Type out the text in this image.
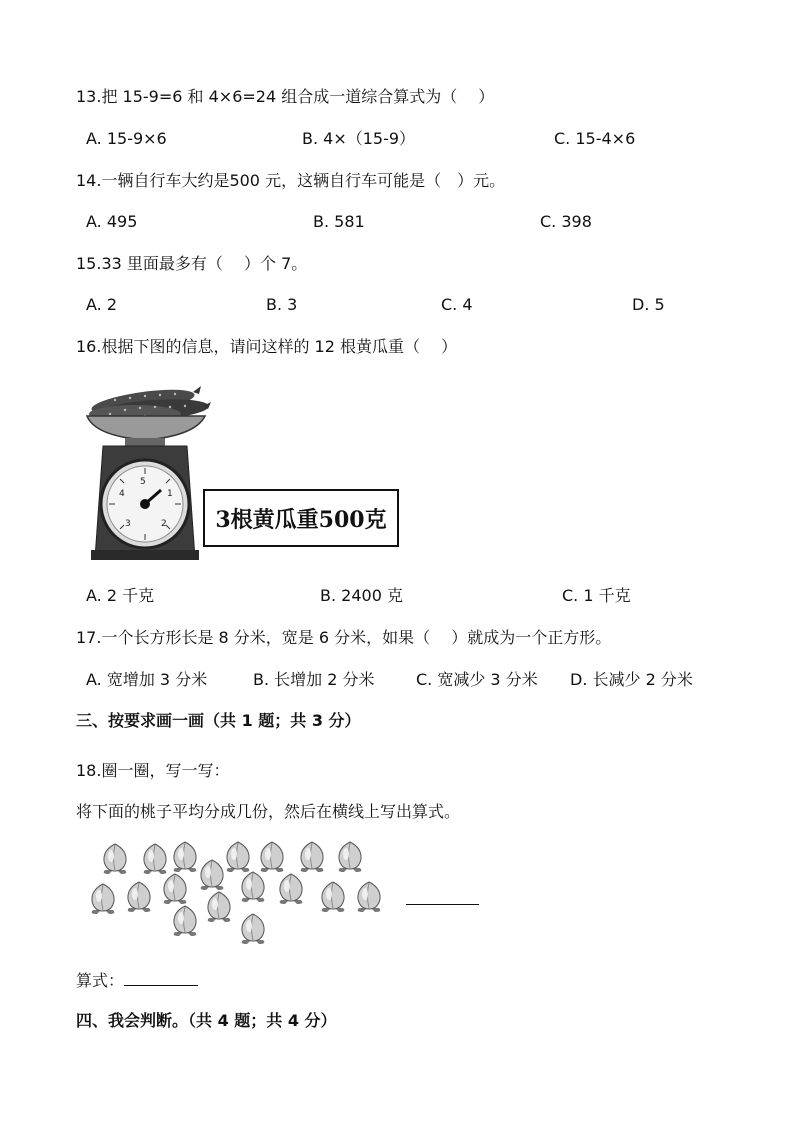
13.把 15-9=6 和 4×6=24 组合成一道综合算式为（　 ）
A. 15-9×6	B. 4×（15-9）	C. 15-4×6
14.一辆自行车大约是500 元，这辆自行车可能是（　）元。
A. 495	B. 581	C. 398
15.33 里面最多有（　 ）个 7。
A. 2	B. 3	C. 4	D. 5
16.根据下图的信息，请问这样的 12 根黄瓜重（　 ）
4	1
3	2
5
3根黄瓜重500克
A. 2 千克	B. 2400 克	C. 1 千克
17.一个长方形长是 8 分米，宽是 6 分米，如果（　 ）就成为一个正方形。
A. 宽增加 3 分米	B. 长增加 2 分米	C. 宽减少 3 分米 D. 长减少 2 分米
三、按要求画一画（共 1 题；共 3 分）
18.圈一圈，写一写：
将下面的桃子平均分成几份，然后在横线上写出算式。
算式：
四、我会判断。（共 4 题；共 4 分）
